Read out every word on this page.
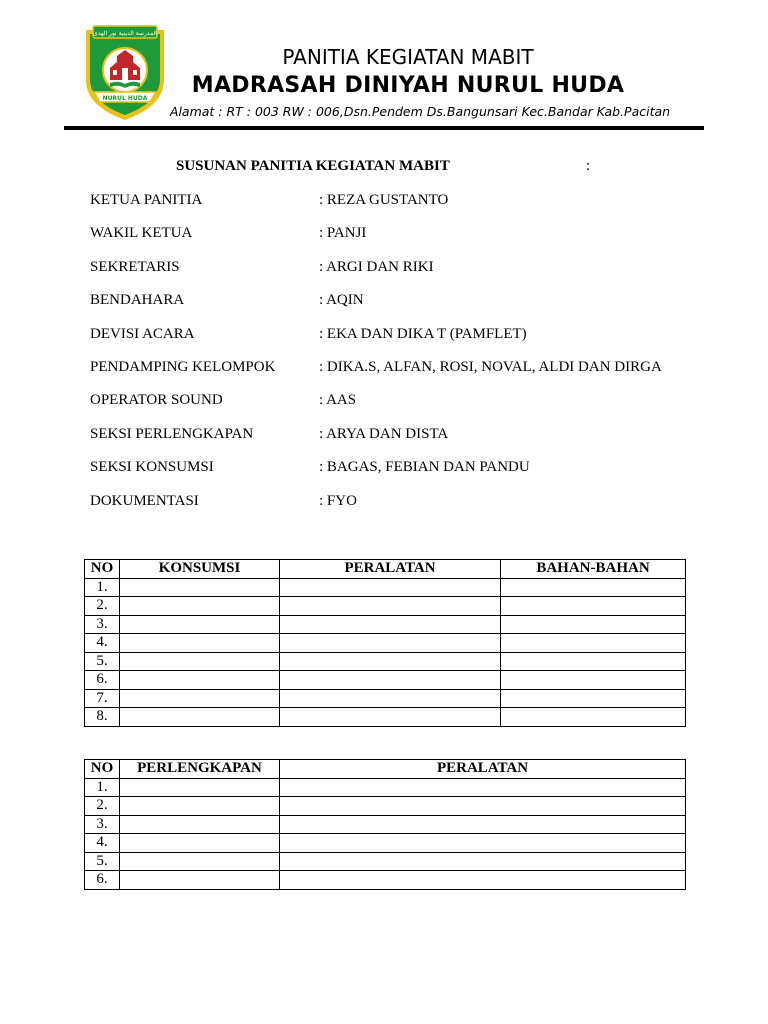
المدرسة الدينية نور الهدى
NURUL HUDA
PANITIA KEGIATAN MABIT
MADRASAH DINIYAH NURUL HUDA
Alamat : RT : 003 RW : 006,Dsn.Pendem Ds.Bangunsari Kec.Bandar Kab.Pacitan
SUSUNAN PANITIA KEGIATAN MABIT	:
KETUA PANITIA	: REZA GUSTANTO
WAKIL KETUA	: PANJI
SEKRETARIS	: ARGI DAN RIKI
BENDAHARA	: AQIN
DEVISI ACARA	: EKA DAN DIKA T (PAMFLET)
PENDAMPING KELOMPOK	: DIKA.S, ALFAN, ROSI, NOVAL, ALDI DAN DIRGA
OPERATOR SOUND	: AAS
SEKSI PERLENGKAPAN	: ARYA DAN DISTA
SEKSI KONSUMSI	: BAGAS, FEBIAN DAN PANDU
DOKUMENTASI	: FYO
NO	KONSUMSI	PERALATAN	BAHAN-BAHAN
1.			
2.			
3.			
4.			
5.			
6.			
7.			
8.			
NO	PERLENGKAPAN	PERALATAN
1.		
2.		
3.		
4.		
5.		
6.		
